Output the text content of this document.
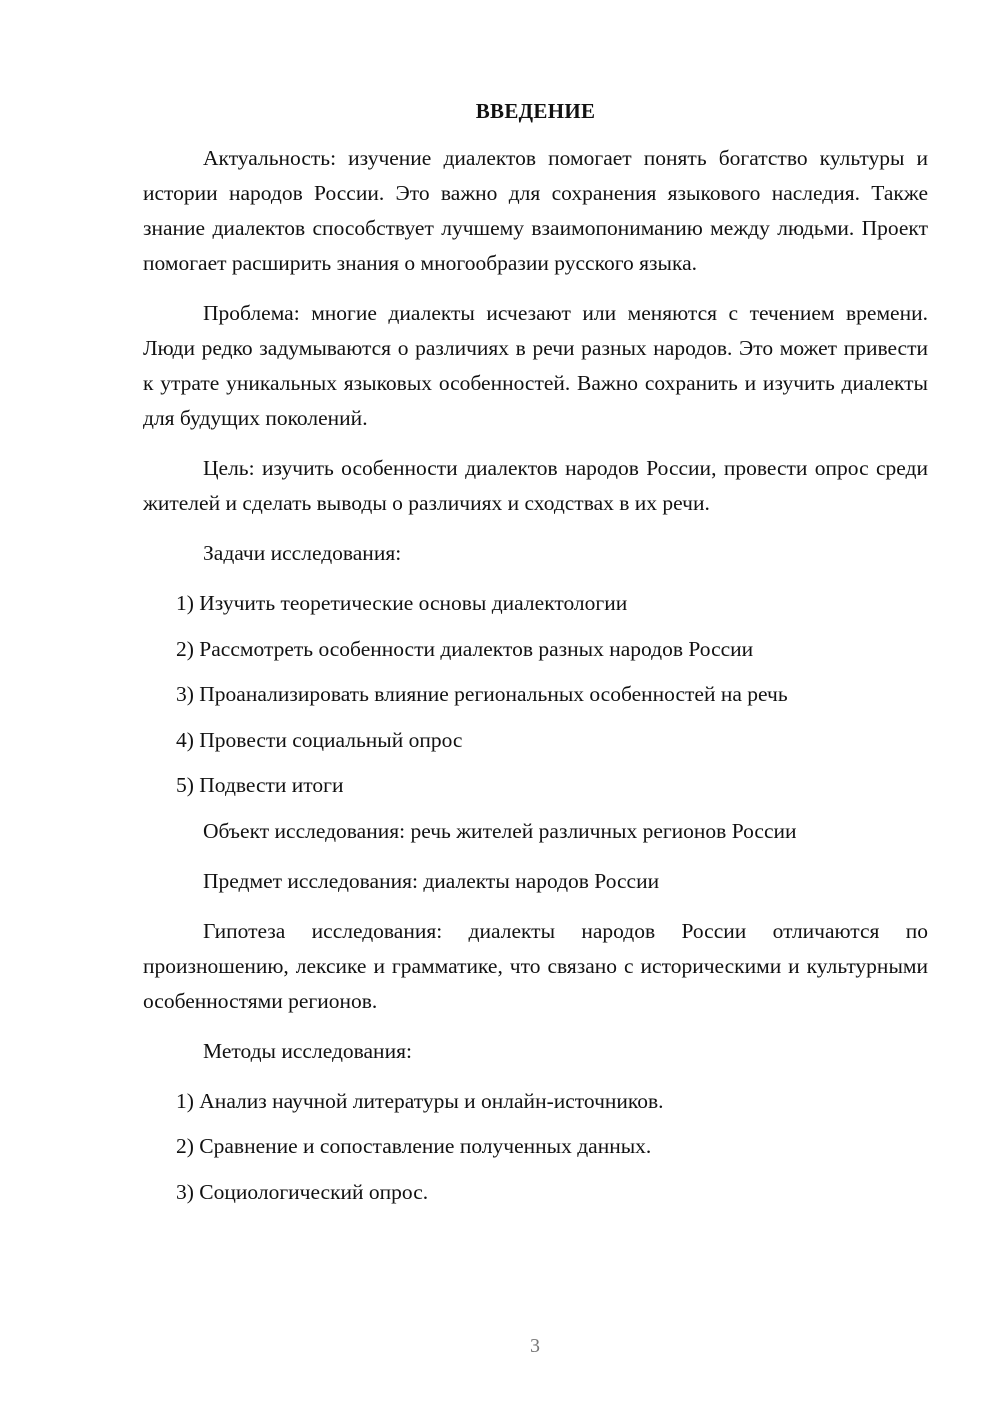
ВВЕДЕНИЕ

Актуальность: изучение диалектов помогает понять богатство культуры и истории народов России. Это важно для сохранения языкового наследия. Также знание диалектов способствует лучшему взаимопониманию между людьми. Проект помогает расширить знания о многообразии русского языка.

Проблема: многие диалекты исчезают или меняются с течением времени. Люди редко задумываются о различиях в речи разных народов. Это может привести к утрате уникальных языковых особенностей. Важно сохранить и изучить диалекты для будущих поколений.

Цель: изучить особенности диалектов народов России, провести опрос среди жителей и сделать выводы о различиях и сходствах в их речи.

Задачи исследования:

1) Изучить теоретические основы диалектологии

2) Рассмотреть особенности диалектов разных народов России

3) Проанализировать влияние региональных особенностей на речь

4) Провести социальный опрос

5) Подвести итоги

Объект исследования: речь жителей различных регионов России

Предмет исследования: диалекты народов России

Гипотеза исследования: диалекты народов России отличаются по произношению, лексике и грамматике, что связано с историческими и культурными особенностями регионов.

Методы исследования:

1) Анализ научной литературы и онлайн-источников.

2) Сравнение и сопоставление полученных данных.

3) Социологический опрос.

3
